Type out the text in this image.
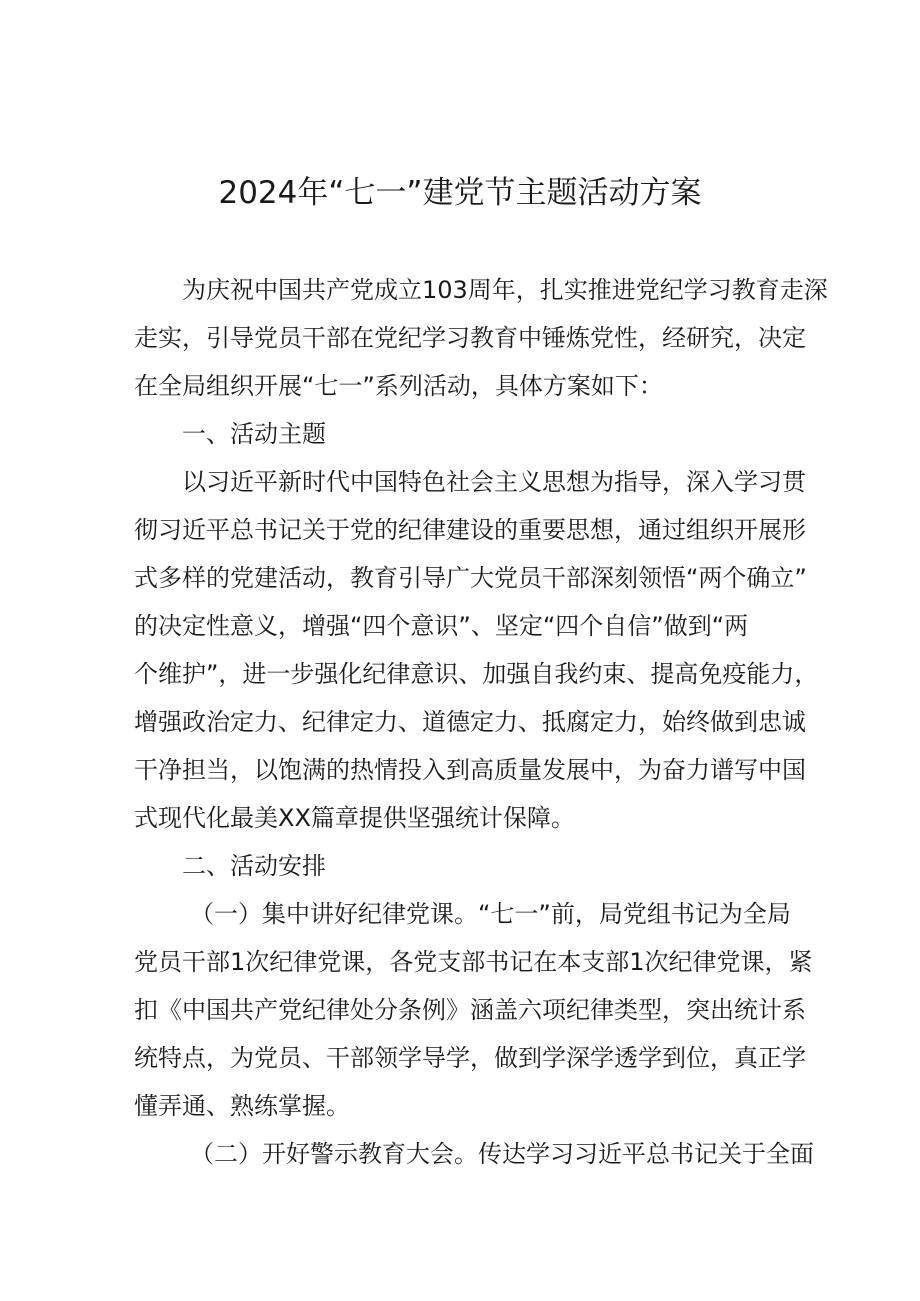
2024年“七一”建党节主题活动方案
为庆祝中国共产党成立103周年，扎实推进党纪学习教育走深
走实，引导党员干部在党纪学习教育中锤炼党性，经研究，决定
在全局组织开展“七一”系列活动，具体方案如下：
一、活动主题
以习近平新时代中国特色社会主义思想为指导，深入学习贯
彻习近平总书记关于党的纪律建设的重要思想，通过组织开展形
式多样的党建活动，教育引导广大党员干部深刻领悟“两个确立”
的决定性意义，增强“四个意识”、坚定“四个自信”做到“两
个维护”，进一步强化纪律意识、加强自我约束、提高免疫能力，
增强政治定力、纪律定力、道德定力、抵腐定力，始终做到忠诚
干净担当，以饱满的热情投入到高质量发展中，为奋力谱写中国
式现代化最美XX篇章提供坚强统计保障。
二、活动安排
（一）集中讲好纪律党课。“七一”前，局党组书记为全局
党员干部1次纪律党课，各党支部书记在本支部1次纪律党课，紧
扣《中国共产党纪律处分条例》涵盖六项纪律类型，突出统计系
统特点，为党员、干部领学导学，做到学深学透学到位，真正学
懂弄通、熟练掌握。
（二）开好警示教育大会。传达学习习近平总书记关于全面
